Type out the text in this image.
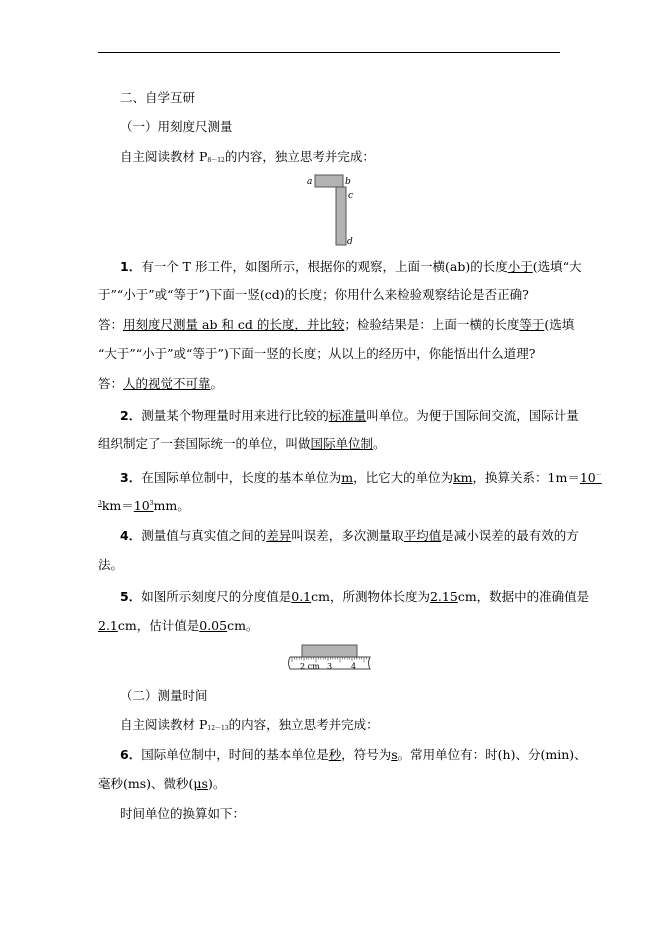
二、自学互研
（一）用刻度尺测量
自主阅读教材 P8～12的内容，独立思考并完成：
a	b
c
d
1．有一个 T 形工件，如图所示，根据你的观察，上面一横(ab)的长度小于(选填“大
于”“小于”或“等于”)下面一竖(cd)的长度；你用什么来检验观察结论是否正确?
答：用刻度尺测量 ab 和 cd 的长度，并比较；检验结果是：上面一横的长度等于(选填
“大于”“小于”或“等于”)下面一竖的长度；从以上的经历中，你能悟出什么道理?
答：人的视觉不可靠。
2．测量某个物理量时用来进行比较的标准量叫单位。为便于国际间交流，国际计量
组织制定了一套国际统一的单位，叫做国际单位制。
3．在国际单位制中，长度的基本单位为m，比它大的单位为km，换算关系：1m＝10－
$^3km=10^3mm$。
4．测量值与真实值之间的差异叫误差，多次测量取平均值是减小误差的最有效的方
法。
5．如图所示刻度尺的分度值是0.1cm，所测物体长度为2.15cm，数据中的准确值是
2.1cm，估计值是0.05cm。
2 cm 3 4
（二）测量时间
自主阅读教材 P12～13的内容，独立思考并完成：
6．国际单位制中，时间的基本单位是秒，符号为s。常用单位有：时(h)、分(min)、
毫秒(ms)、微秒(μs)。
时间单位的换算如下：
